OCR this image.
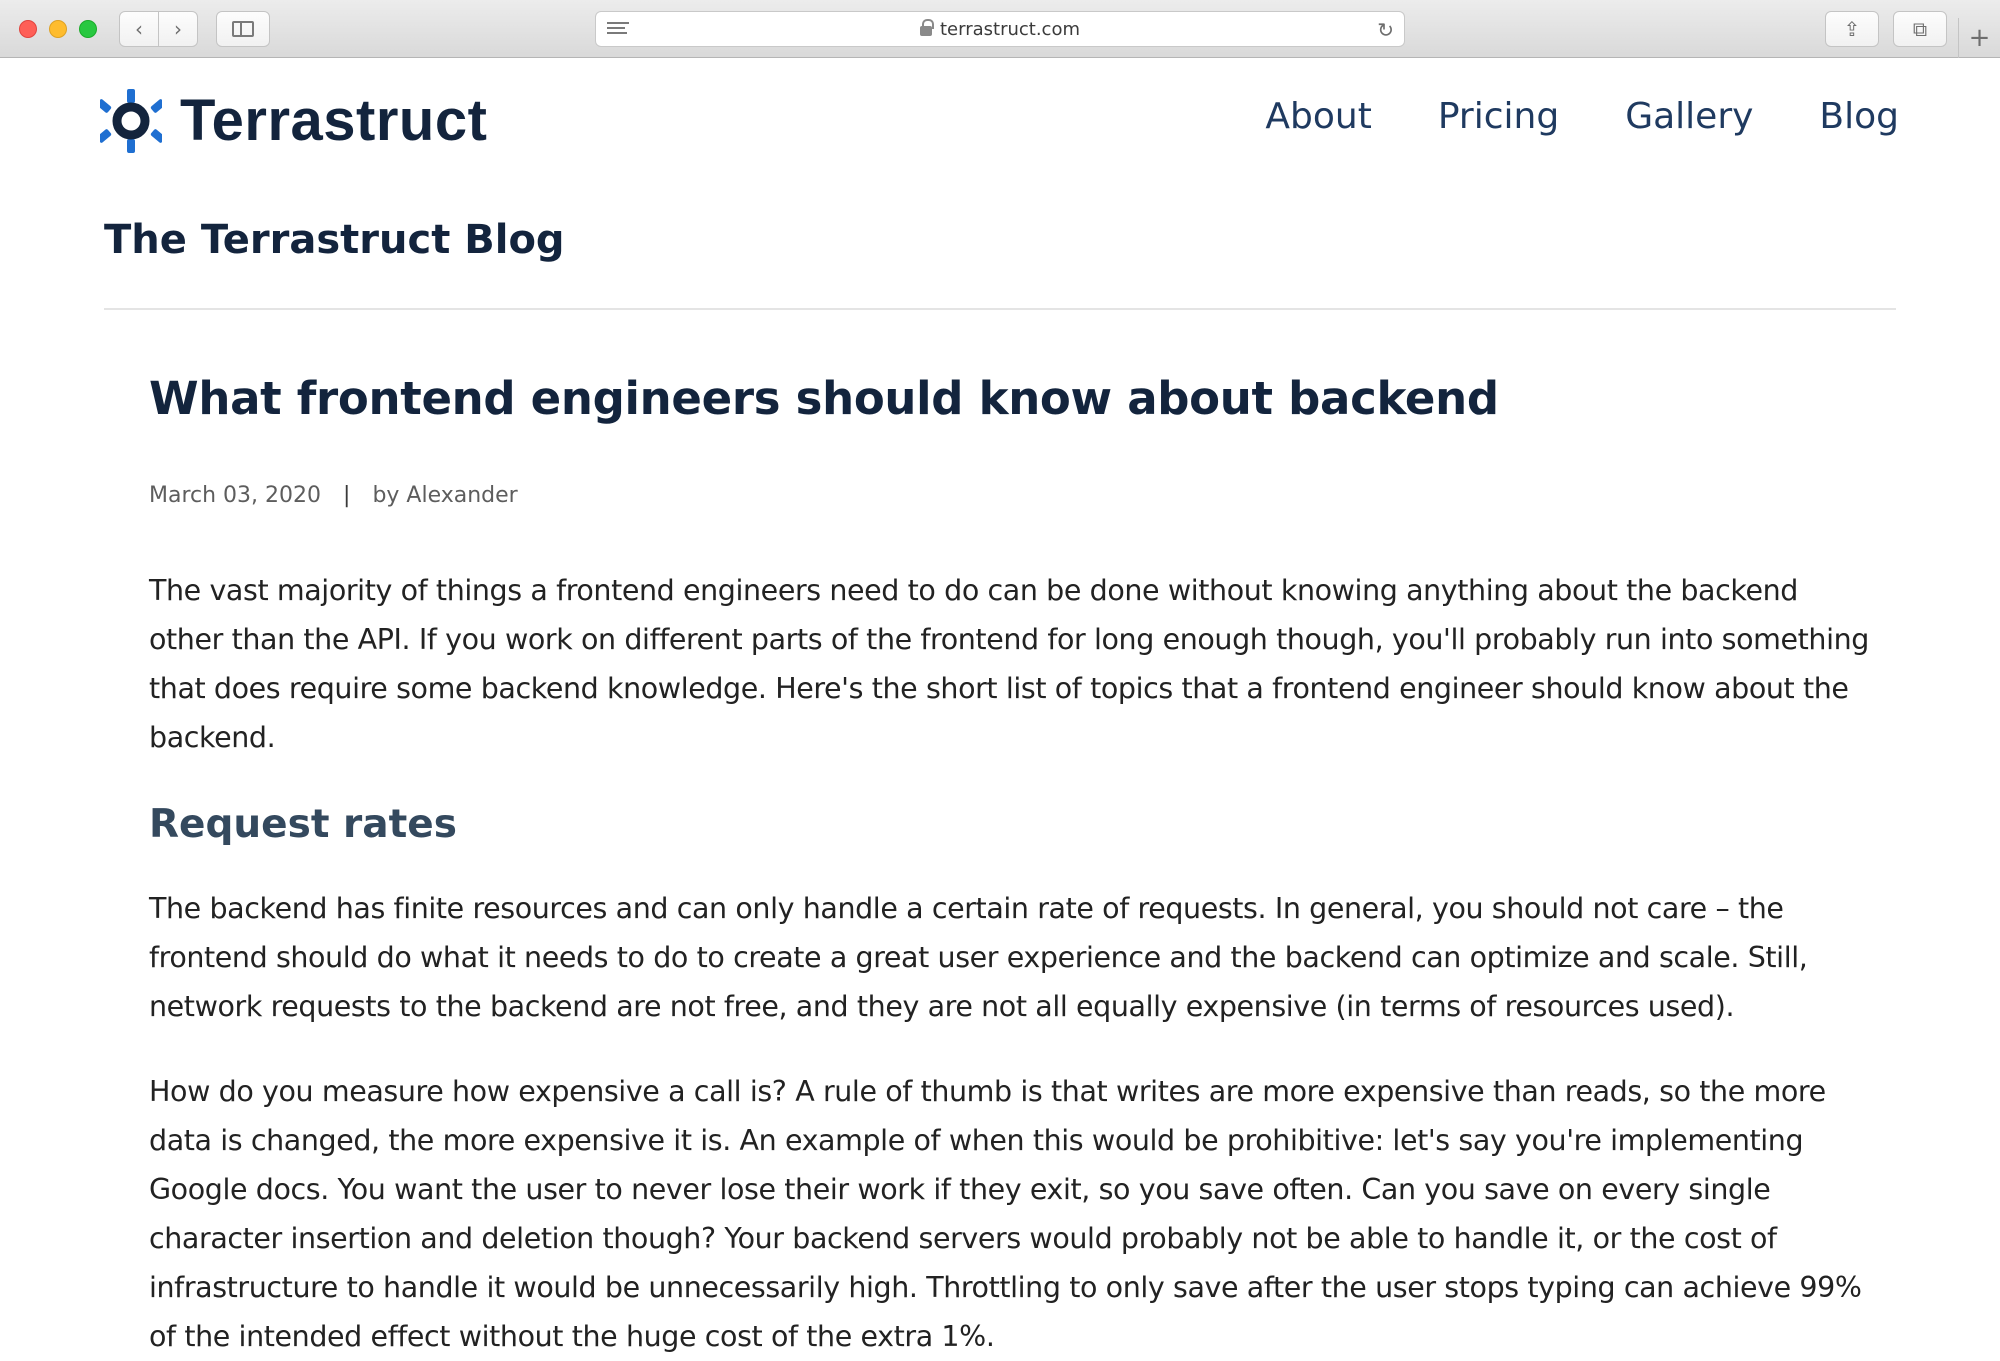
‹ ›	terrastruct.com	↻	⇪	⧉ +
Terrastruct	About Pricing Gallery Blog
The Terrastruct Blog
What frontend engineers should know about backend
March 03, 2020 | by Alexander

The vast majority of things a frontend engineers need to do can be done without knowing anything about the backend other than the API. If you work on different parts of the frontend for long enough though, you'll probably run into something that does require some backend knowledge. Here's the short list of topics that a frontend engineer should know about the backend.

Request rates

The backend has finite resources and can only handle a certain rate of requests. In general, you should not care – the frontend should do what it needs to do to create a great user experience and the backend can optimize and scale. Still, network requests to the backend are not free, and they are not all equally expensive (in terms of resources used).

How do you measure how expensive a call is? A rule of thumb is that writes are more expensive than reads, so the more data is changed, the more expensive it is. An example of when this would be prohibitive: let's say you're implementing Google docs. You want the user to never lose their work if they exit, so you save often. Can you save on every single character insertion and deletion though? Your backend servers would probably not be able to handle it, or the cost of infrastructure to handle it would be unnecessarily high. Throttling to only save after the user stops typing can achieve 99% of the intended effect without the huge cost of the extra 1%.
